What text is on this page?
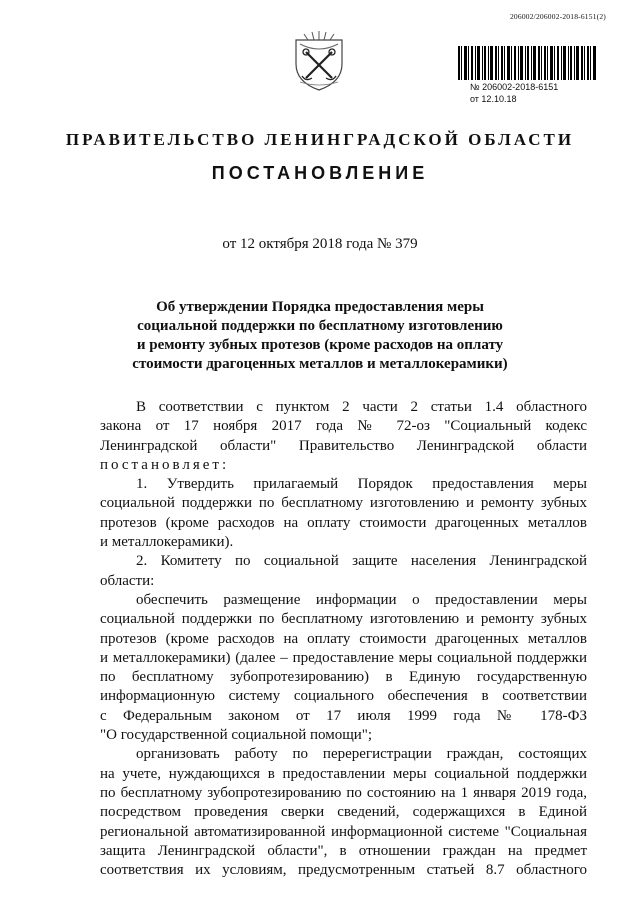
206002/206002-2018-6151(2)
№ 206002-2018-6151
от 12.10.18
ПРАВИТЕЛЬСТВО ЛЕНИНГРАДСКОЙ ОБЛАСТИ
ПОСТАНОВЛЕНИЕ
от 12 октября 2018 года № 379
Об утверждении Порядка предоставления меры
социальной поддержки по бесплатному изготовлению
и ремонту зубных протезов (кроме расходов на оплату
стоимости драгоценных металлов и металлокерамики)
В соответствии с пунктом 2 части 2 статьи 1.4 областного
закона от 17 ноября 2017 года № 72-оз "Социальный кодекс
Ленинградской области" Правительство Ленинградской области
постановляет:
1. Утвердить прилагаемый Порядок предоставления меры
социальной поддержки по бесплатному изготовлению и ремонту зубных
протезов (кроме расходов на оплату стоимости драгоценных металлов
и металлокерамики).
2. Комитету по социальной защите населения Ленинградской
области:
обеспечить размещение информации о предоставлении меры
социальной поддержки по бесплатному изготовлению и ремонту зубных
протезов (кроме расходов на оплату стоимости драгоценных металлов
и металлокерамики) (далее – предоставление меры социальной поддержки
по бесплатному зубопротезированию) в Единую государственную
информационную систему социального обеспечения в соответствии
с Федеральным законом от 17 июля 1999 года № 178-ФЗ
"О государственной социальной помощи";
организовать работу по перерегистрации граждан, состоящих
на учете, нуждающихся в предоставлении меры социальной поддержки
по бесплатному зубопротезированию по состоянию на 1 января 2019 года,
посредством проведения сверки сведений, содержащихся в Единой
региональной автоматизированной информационной системе "Социальная
защита Ленинградской области", в отношении граждан на предмет
соответствия их условиям, предусмотренным статьей 8.7 областного
